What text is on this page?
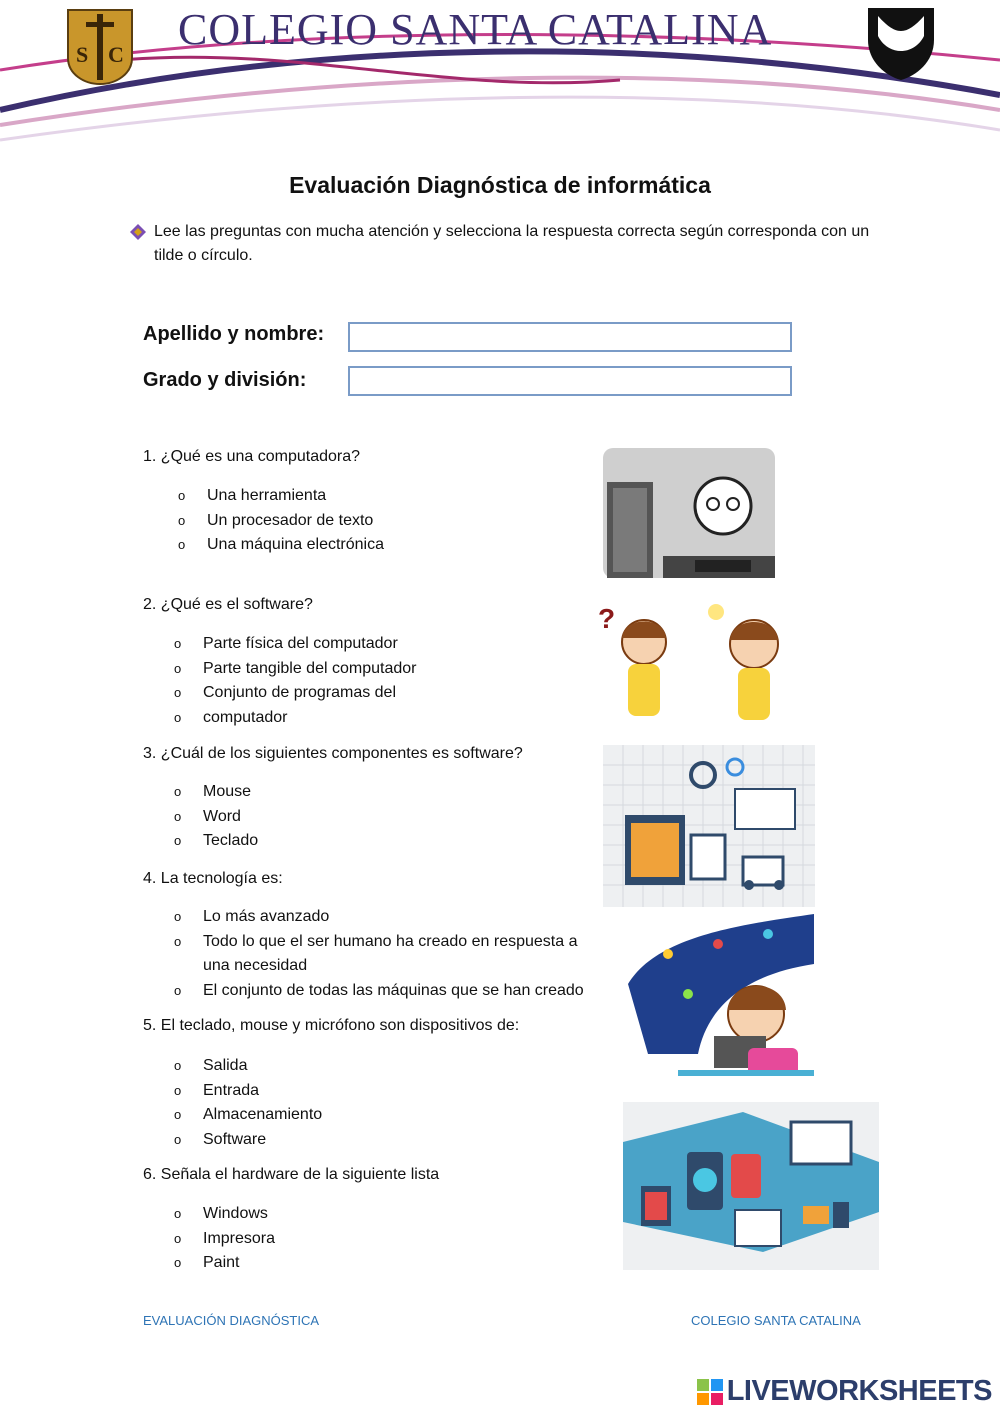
S C
COLEGIO SANTA CATALINA
Evaluación Diagnóstica de informática
Lee las preguntas con mucha atención y selecciona la respuesta correcta según corresponda con un tilde o círculo.
Apellido y nombre:
Grado y división:
1. ¿Qué es una computadora?
o	Una herramienta
o	Un procesador de texto
o	Una máquina electrónica
2. ¿Qué es el software?
o	Parte física del computador
o	Parte tangible del computador
o	Conjunto de programas del
o	computador
3. ¿Cuál de los siguientes componentes es software?
o	Mouse
o	Word
o	Teclado
4. La tecnología es:
o	Lo más avanzado
o	Todo lo que el ser humano ha creado en respuesta a una necesidad
o	El conjunto de todas las máquinas que se han creado
5. El teclado, mouse y micrófono son dispositivos de:
o	Salida
o	Entrada
o	Almacenamiento
o	Software
6. Señala el hardware de la siguiente lista
o	Windows
o	Impresora
o	Paint
?
EVALUACIÓN DIAGNÓSTICA	COLEGIO SANTA CATALINA
LIVEWORKSHEETS
